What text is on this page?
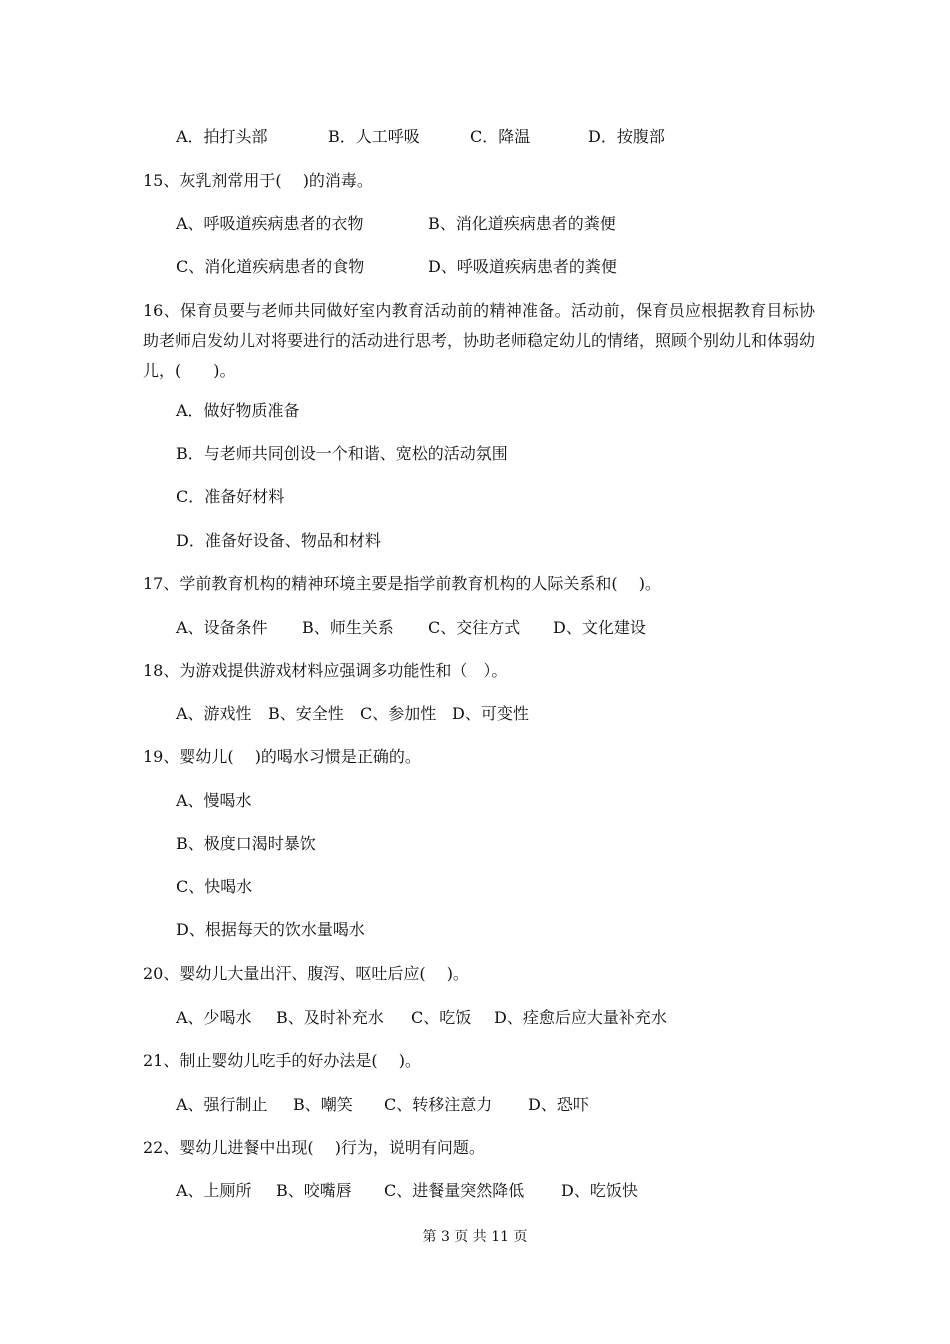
A．拍打头部

	B．人工呼吸

	C．降温

	D．按腹部

15、灰乳剂常用于(　 )的消毒。

A、呼吸道疾病患者的衣物

	B、消化道疾病患者的粪便

C、消化道疾病患者的食物

	D、呼吸道疾病患者的粪便

16、保育员要与老师共同做好室内教育活动前的精神准备。活动前，保育员应根据教育目标协助老师启发幼儿对将要进行的活动进行思考，协助老师稳定幼儿的情绪，照顾个别幼儿和体弱幼儿，(　　)。
A．做好物质准备
B．与老师共同创设一个和谐、宽松的活动氛围
C．准备好材料
D．准备好设备、物品和材料
17、学前教育机构的精神环境主要是指学前教育机构的人际关系和(　 )。

A、设备条件

B、师生关系

C、交往方式

D、文化建设

18、为游戏提供游戏材料应强调多功能性和（　）。

A、游戏性

B、安全性

C、参加性

D、可变性

19、婴幼儿(　 )的喝水习惯是正确的。
A、慢喝水
B、极度口渴时暴饮
C、快喝水
D、根据每天的饮水量喝水
20、婴幼儿大量出汗、腹泻、呕吐后应(　 )。

A、少喝水

B、及时补充水

C、吃饭

D、痊愈后应大量补充水

21、制止婴幼儿吃手的好办法是(　 )。

A、强行制止

B、嘲笑

C、转移注意力

D、恐吓

22、婴幼儿进餐中出现(　 )行为，说明有问题。

A、上厕所

B、咬嘴唇

C、进餐量突然降低

D、吃饭快

第 3 页 共 11 页
